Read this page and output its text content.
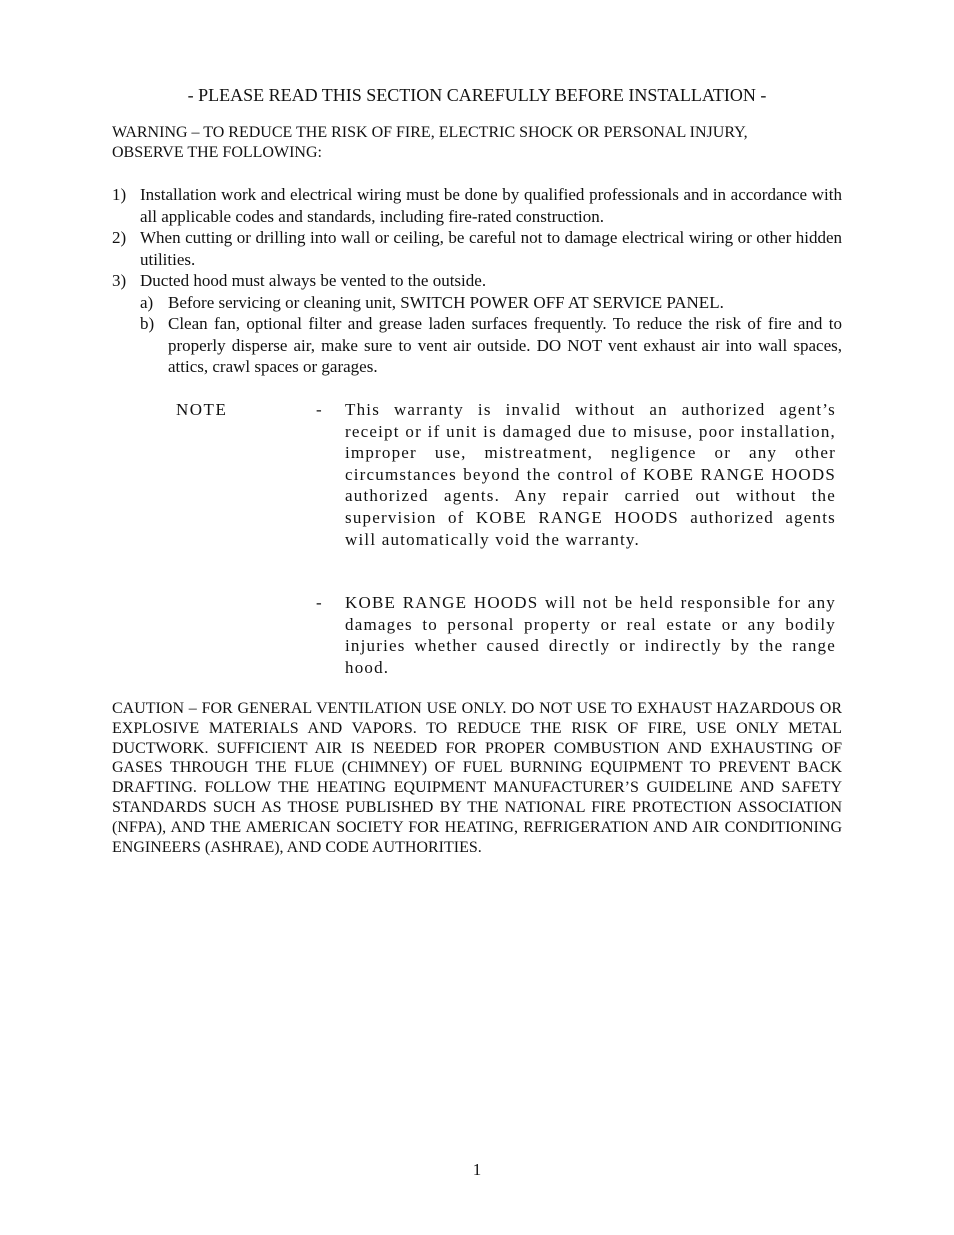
- PLEASE READ THIS SECTION CAREFULLY BEFORE INSTALLATION -
WARNING – TO REDUCE THE RISK OF FIRE, ELECTRIC SHOCK OR PERSONAL INJURY,
OBSERVE THE FOLLOWING:
1) Installation work and electrical wiring must be done by qualified professionals and in accordance with all applicable codes and standards, including fire-rated construction.
2) When cutting or drilling into wall or ceiling, be careful not to damage electrical wiring or other hidden utilities.
3) Ducted hood must always be vented to the outside.
a) Before servicing or cleaning unit, SWITCH POWER OFF AT SERVICE PANEL.
b) Clean fan, optional filter and grease laden surfaces frequently. To reduce the risk of fire and to properly disperse air, make sure to vent air outside. DO NOT vent exhaust air into wall spaces, attics, crawl spaces or garages.
NOTE	-	This warranty is invalid without an authorized agent’s receipt or if unit is damaged due to misuse, poor installation, improper use, mistreatment, negligence or any other circumstances beyond the control of KOBE RANGE HOODS authorized agents. Any repair carried out without the supervision of KOBE RANGE HOODS authorized agents will automatically void the warranty.
-	KOBE RANGE HOODS will not be held responsible for any damages to personal property or real estate or any bodily injuries whether caused directly or indirectly by the range hood.
CAUTION – FOR GENERAL VENTILATION USE ONLY. DO NOT USE TO EXHAUST HAZARDOUS OR EXPLOSIVE MATERIALS AND VAPORS. TO REDUCE THE RISK OF FIRE, USE ONLY METAL DUCTWORK. SUFFICIENT AIR IS NEEDED FOR PROPER COMBUSTION AND EXHAUSTING OF GASES THROUGH THE FLUE (CHIMNEY) OF FUEL BURNING EQUIPMENT TO PREVENT BACK DRAFTING. FOLLOW THE HEATING EQUIPMENT MANUFACTURER’S GUIDELINE AND SAFETY STANDARDS SUCH AS THOSE PUBLISHED BY THE NATIONAL FIRE PROTECTION ASSOCIATION (NFPA), AND THE AMERICAN SOCIETY FOR HEATING, REFRIGERATION AND AIR CONDITIONING ENGINEERS (ASHRAE), AND CODE AUTHORITIES.
1
